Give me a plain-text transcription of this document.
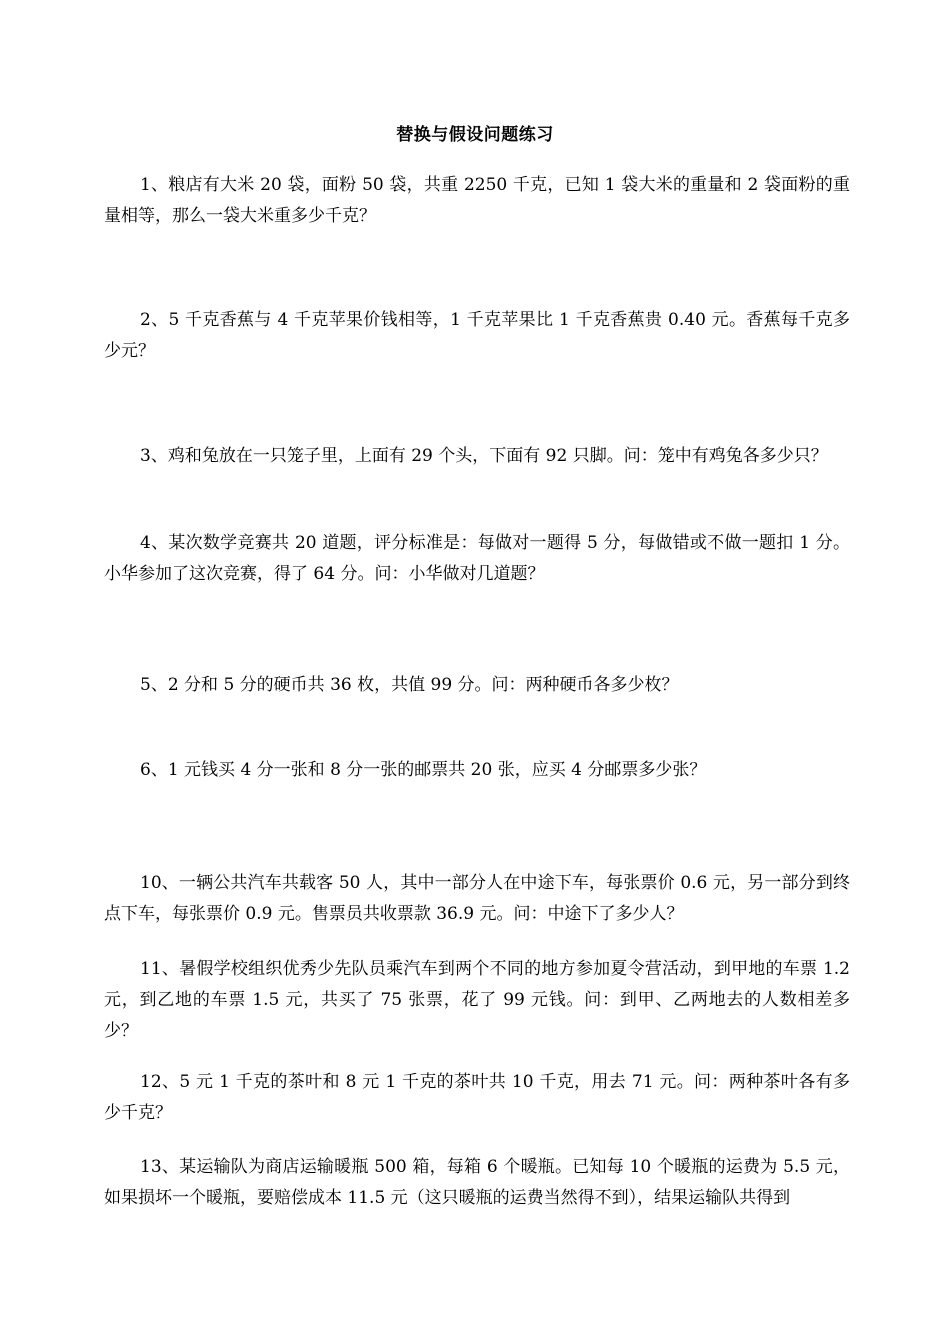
替换与假设问题练习

1、粮店有大米 20 袋，面粉 50 袋，共重 2250 千克，已知 1 袋大米的重量和 2 袋面粉的重量相等，那么一袋大米重多少千克？

2、5 千克香蕉与 4 千克苹果价钱相等，1 千克苹果比 1 千克香蕉贵 0.40 元。香蕉每千克多少元？

3、鸡和兔放在一只笼子里，上面有 29 个头，下面有 92 只脚。问：笼中有鸡兔各多少只？

4、某次数学竞赛共 20 道题，评分标准是：每做对一题得 5 分，每做错或不做一题扣 1 分。小华参加了这次竞赛，得了 64 分。问：小华做对几道题？

5、2 分和 5 分的硬币共 36 枚，共值 99 分。问：两种硬币各多少枚？

6、1 元钱买 4 分一张和 8 分一张的邮票共 20 张，应买 4 分邮票多少张？

10、一辆公共汽车共载客 50 人，其中一部分人在中途下车，每张票价 0.6 元，另一部分到终点下车，每张票价 0.9 元。售票员共收票款 36.9 元。问：中途下了多少人？

11、暑假学校组织优秀少先队员乘汽车到两个不同的地方参加夏令营活动，到甲地的车票 1.2 元，到乙地的车票 1.5 元，共买了 75 张票，花了 99 元钱。问：到甲、乙两地去的人数相差多少？

12、5 元 1 千克的茶叶和 8 元 1 千克的茶叶共 10 千克，用去 71 元。问：两种茶叶各有多少千克？

13、某运输队为商店运输暖瓶 500 箱，每箱 6 个暖瓶。已知每 10 个暖瓶的运费为 5.5 元，如果损坏一个暖瓶，要赔偿成本 11.5 元（这只暖瓶的运费当然得不到），结果运输队共得到
